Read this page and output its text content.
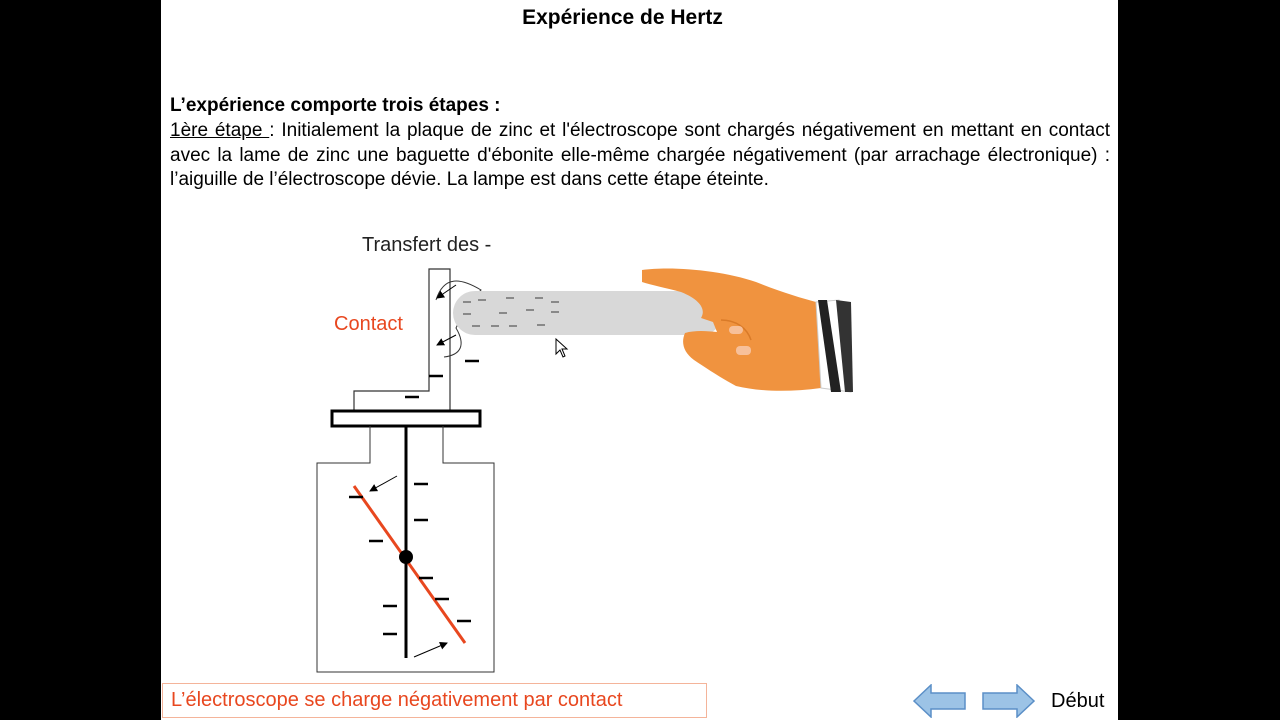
Expérience de Hertz
L’expérience comporte trois étapes :
1ère étape : Initialement la plaque de zinc et l'électroscope sont chargés négativement en mettant en contact avec la lame de zinc une baguette d'ébonite elle-même chargée négativement (par arrachage électronique) : l’aiguille de l’électroscope dévie. La lampe est dans cette étape éteinte.
Transfert des -
Contact
L’électroscope se charge négativement par contact	Début
